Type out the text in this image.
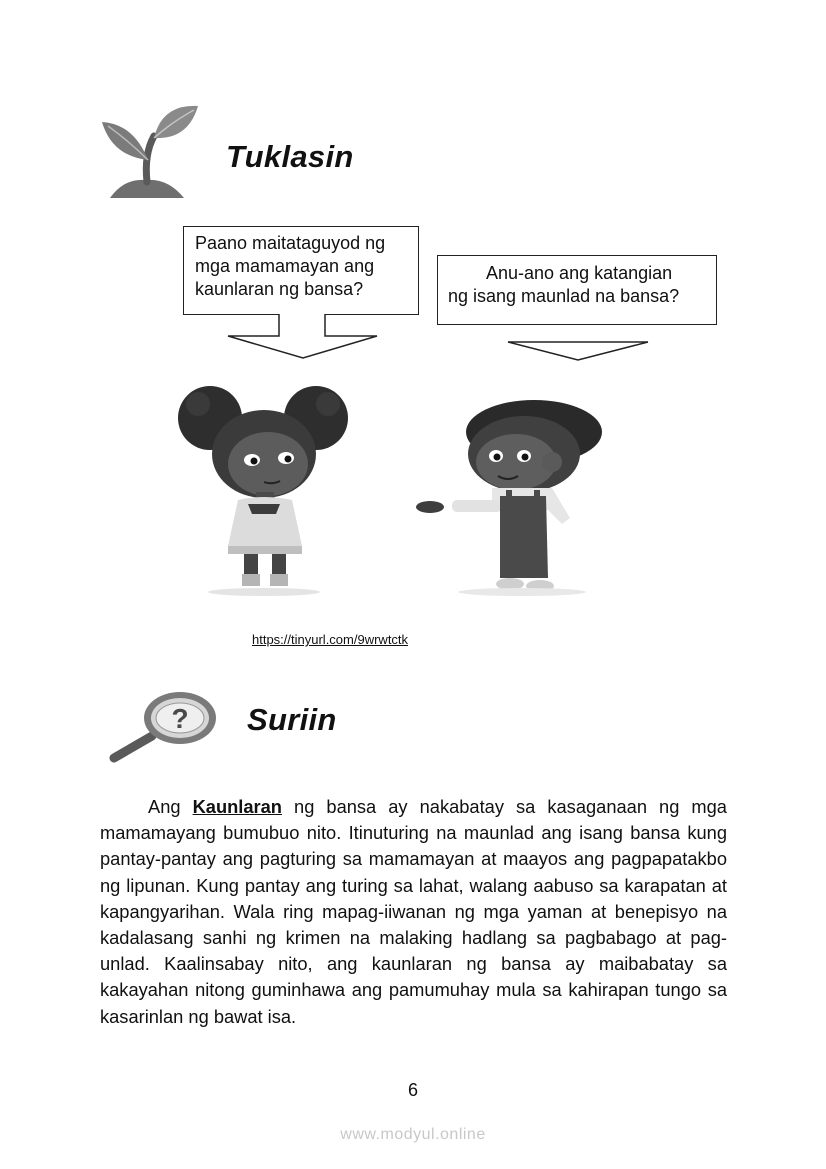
Tuklasin
Paano maitataguyod ng
mga mamamayan ang
kaunlaran ng bansa?
Anu-ano ang katangian
ng isang maunlad na bansa?
https://tinyurl.com/9wrwtctk
? Suriin
Ang Kaunlaran ng bansa ay nakabatay sa kasaganaan ng mga mamamayang bumubuo nito. Itinuturing na maunlad ang isang bansa kung pantay-pantay ang pagturing sa mamamayan at maayos ang pagpapatakbo ng lipunan. Kung pantay ang turing sa lahat, walang aabuso sa karapatan at kapangyarihan. Wala ring mapag-iiwanan ng mga yaman at benepisyo na kadalasang sanhi ng krimen na malaking hadlang sa pagbabago at pag-unlad. Kaalinsabay nito, ang kaunlaran ng bansa ay maibabatay sa kakayahan nitong guminhawa ang pamumuhay mula sa kahirapan tungo sa kasarinlan ng bawat isa.
6
www.modyul.online
